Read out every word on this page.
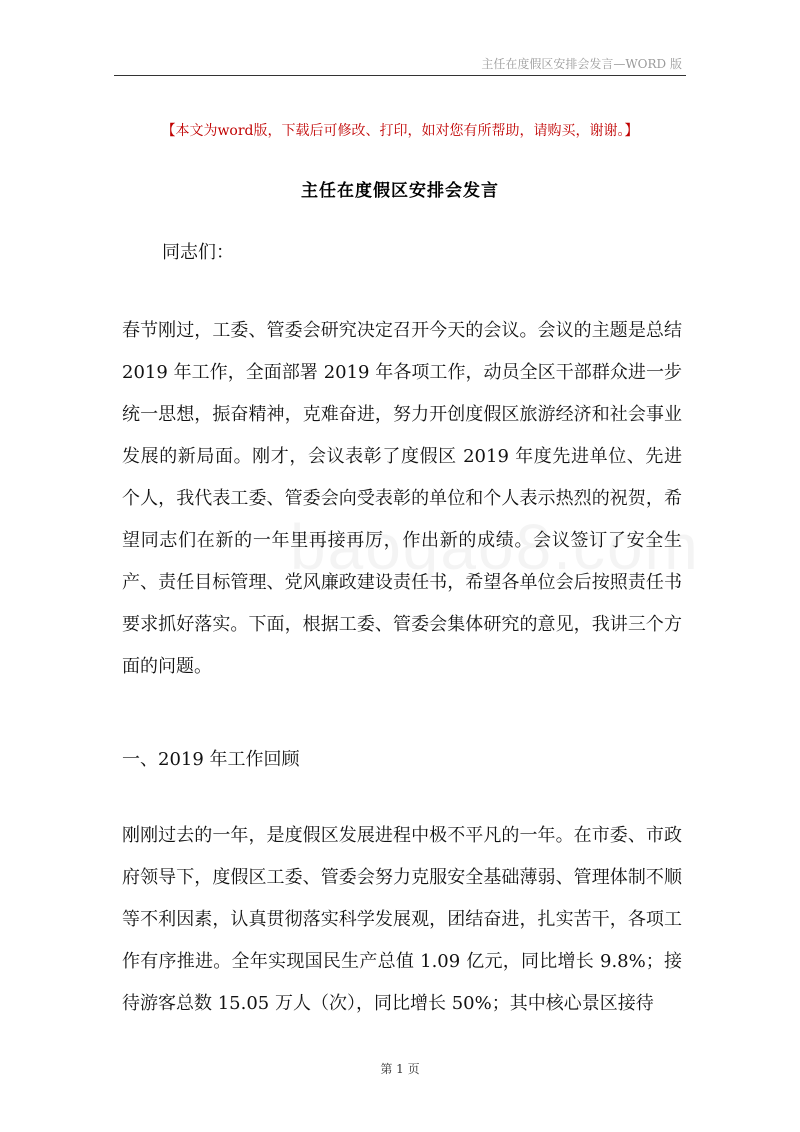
主任在度假区安排会发言—WORD 版
【本文为word版，下载后可修改、打印，如对您有所帮助，请购买，谢谢。】
主任在度假区安排会发言
同志们：

春节刚过，工委、管委会研究决定召开今天的会议。会议的主题是总结 2019 年工作，全面部署 2019 年各项工作，动员全区干部群众进一步统一思想，振奋精神，克难奋进，努力开创度假区旅游经济和社会事业发展的新局面。刚才，会议表彰了度假区 2019 年度先进单位、先进个人，我代表工委、管委会向受表彰的单位和个人表示热烈的祝贺，希望同志们在新的一年里再接再厉，作出新的成绩。会议签订了安全生产、责任目标管理、党风廉政建设责任书，希望各单位会后按照责任书要求抓好落实。下面，根据工委、管委会集体研究的意见，我讲三个方面的问题。

一、2019 年工作回顾

刚刚过去的一年，是度假区发展进程中极不平凡的一年。在市委、市政府领导下，度假区工委、管委会努力克服安全基础薄弱、管理体制不顺等不利因素，认真贯彻落实科学发展观，团结奋进，扎实苦干，各项工作有序推进。全年实现国民生产总值 1.09 亿元，同比增长 9.8%；接待游客总数 15.05 万人（次），同比增长 50%；其中核心景区接待

第 1 页
